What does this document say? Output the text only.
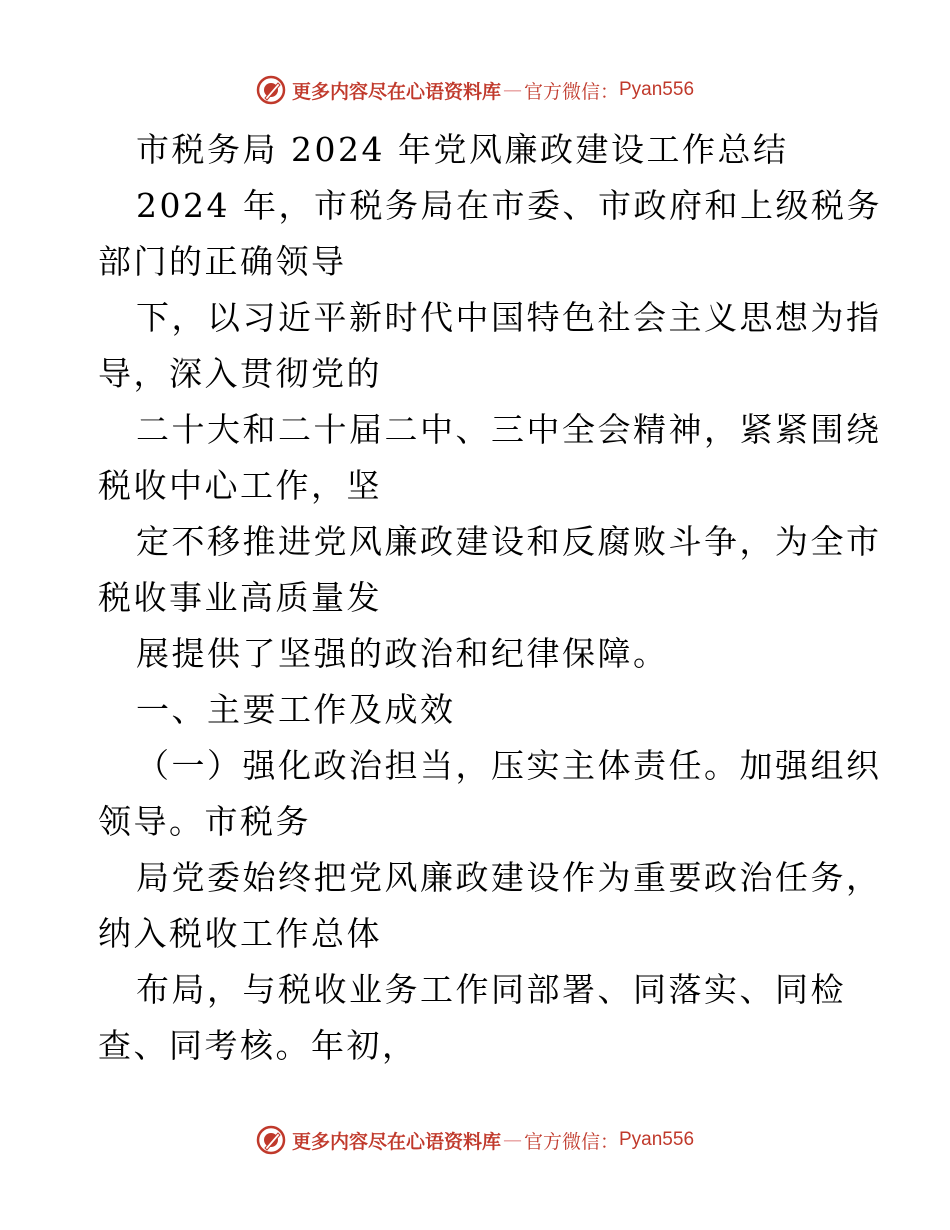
更多内容尽在心语资料库 — 官方微信： Pyan556
市税务局 2024 年党风廉政建设工作总结
2024 年，市税务局在市委、市政府和上级税务
部门的正确领导
下，以习近平新时代中国特色社会主义思想为指
导，深入贯彻党的
二十大和二十届二中、三中全会精神，紧紧围绕
税收中心工作，坚
定不移推进党风廉政建设和反腐败斗争，为全市
税收事业高质量发
展提供了坚强的政治和纪律保障。
一、主要工作及成效
（一）强化政治担当，压实主体责任。加强组织
领导。市税务
局党委始终把党风廉政建设作为重要政治任务，
纳入税收工作总体
布局，与税收业务工作同部署、同落实、同检
查、同考核。年初，
更多内容尽在心语资料库 — 官方微信： Pyan556
